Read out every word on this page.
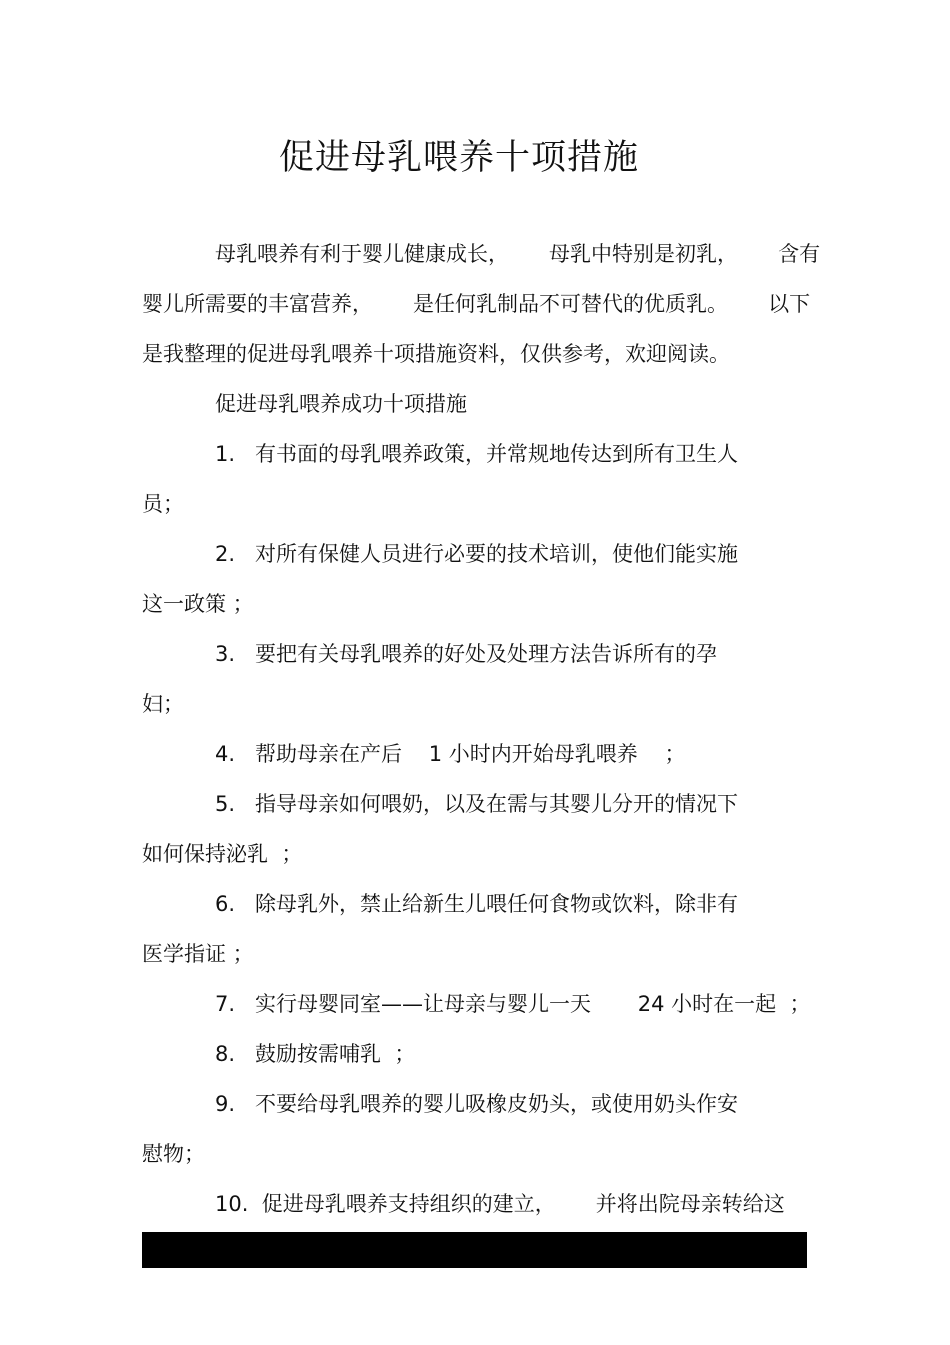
促进母乳喂养十项措施

母乳喂养有利于婴儿健康成长，      母乳中特别是初乳，      含有

婴儿所需要的丰富营养，      是任何乳制品不可替代的优质乳。      以下

是我整理的促进母乳喂养十项措施资料，仅供参考，欢迎阅读。

促进母乳喂养成功十项措施

1.   有书面的母乳喂养政策，并常规地传达到所有卫生人

员；

2.   对所有保健人员进行必要的技术培训，使他们能实施

这一政策 ；

3.   要把有关母乳喂养的好处及处理方法告诉所有的孕

妇；

4.   帮助母亲在产后    1 小时内开始母乳喂养    ；

5.   指导母亲如何喂奶，以及在需与其婴儿分开的情况下

如何保持泌乳  ；

6.   除母乳外，禁止给新生儿喂任何食物或饮料，除非有

医学指证 ；

7.   实行母婴同室——让母亲与婴儿一天       24 小时在一起  ；

8.   鼓励按需哺乳  ；

9.   不要给母乳喂养的婴儿吸橡皮奶头，或使用奶头作安

慰物；

10.  促进母乳喂养支持组织的建立，      并将出院母亲转给这
